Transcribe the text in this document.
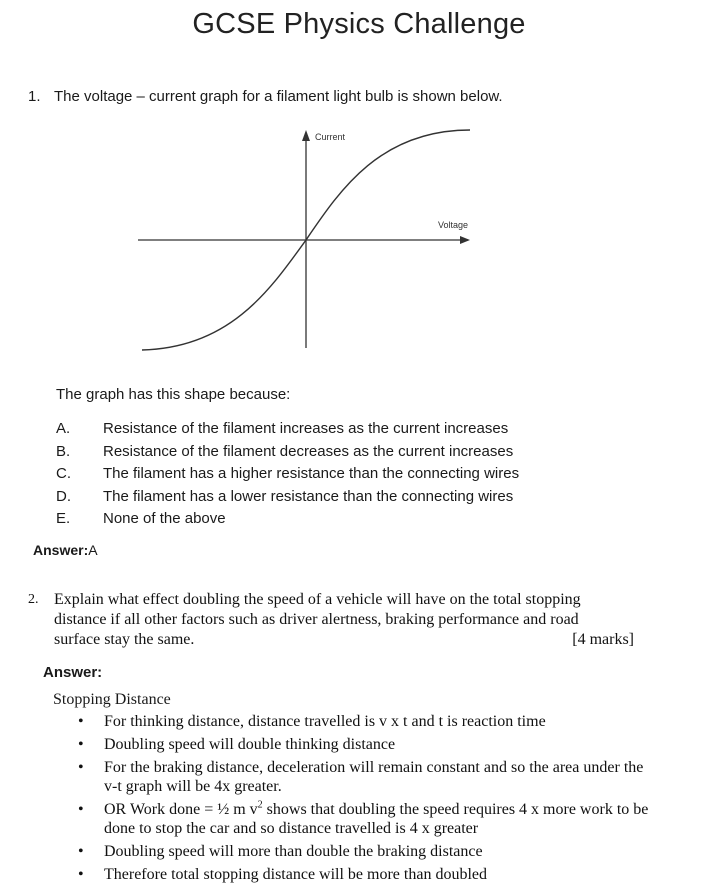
GCSE Physics Challenge
1. The voltage – current graph for a filament light bulb is shown below.
Current
Voltage
The graph has this shape because:
A.	Resistance of the filament increases as the current increases
B.	Resistance of the filament decreases as the current increases
C.	The filament has a higher resistance than the connecting wires
D.	The filament has a lower resistance than the connecting wires
E.	None of the above
Answer:A
2. Explain what effect doubling the speed of a vehicle will have on the total stopping
distance if all other factors such as driver alertness, braking performance and road
surface stay the same.	[4 marks]
Answer:
Stopping Distance
•	For thinking distance, distance travelled is v x t and t is reaction time
•	Doubling speed will double thinking distance
•	For the braking distance, deceleration will remain constant and so the area under the
v-t graph will be 4x greater.
•	OR Work done = ½ m $v^2$ shows that doubling the speed requires 4 x more work to be
done to stop the car and so distance travelled is 4 x greater
•	Doubling speed will more than double the braking distance
•	Therefore total stopping distance will be more than doubled
